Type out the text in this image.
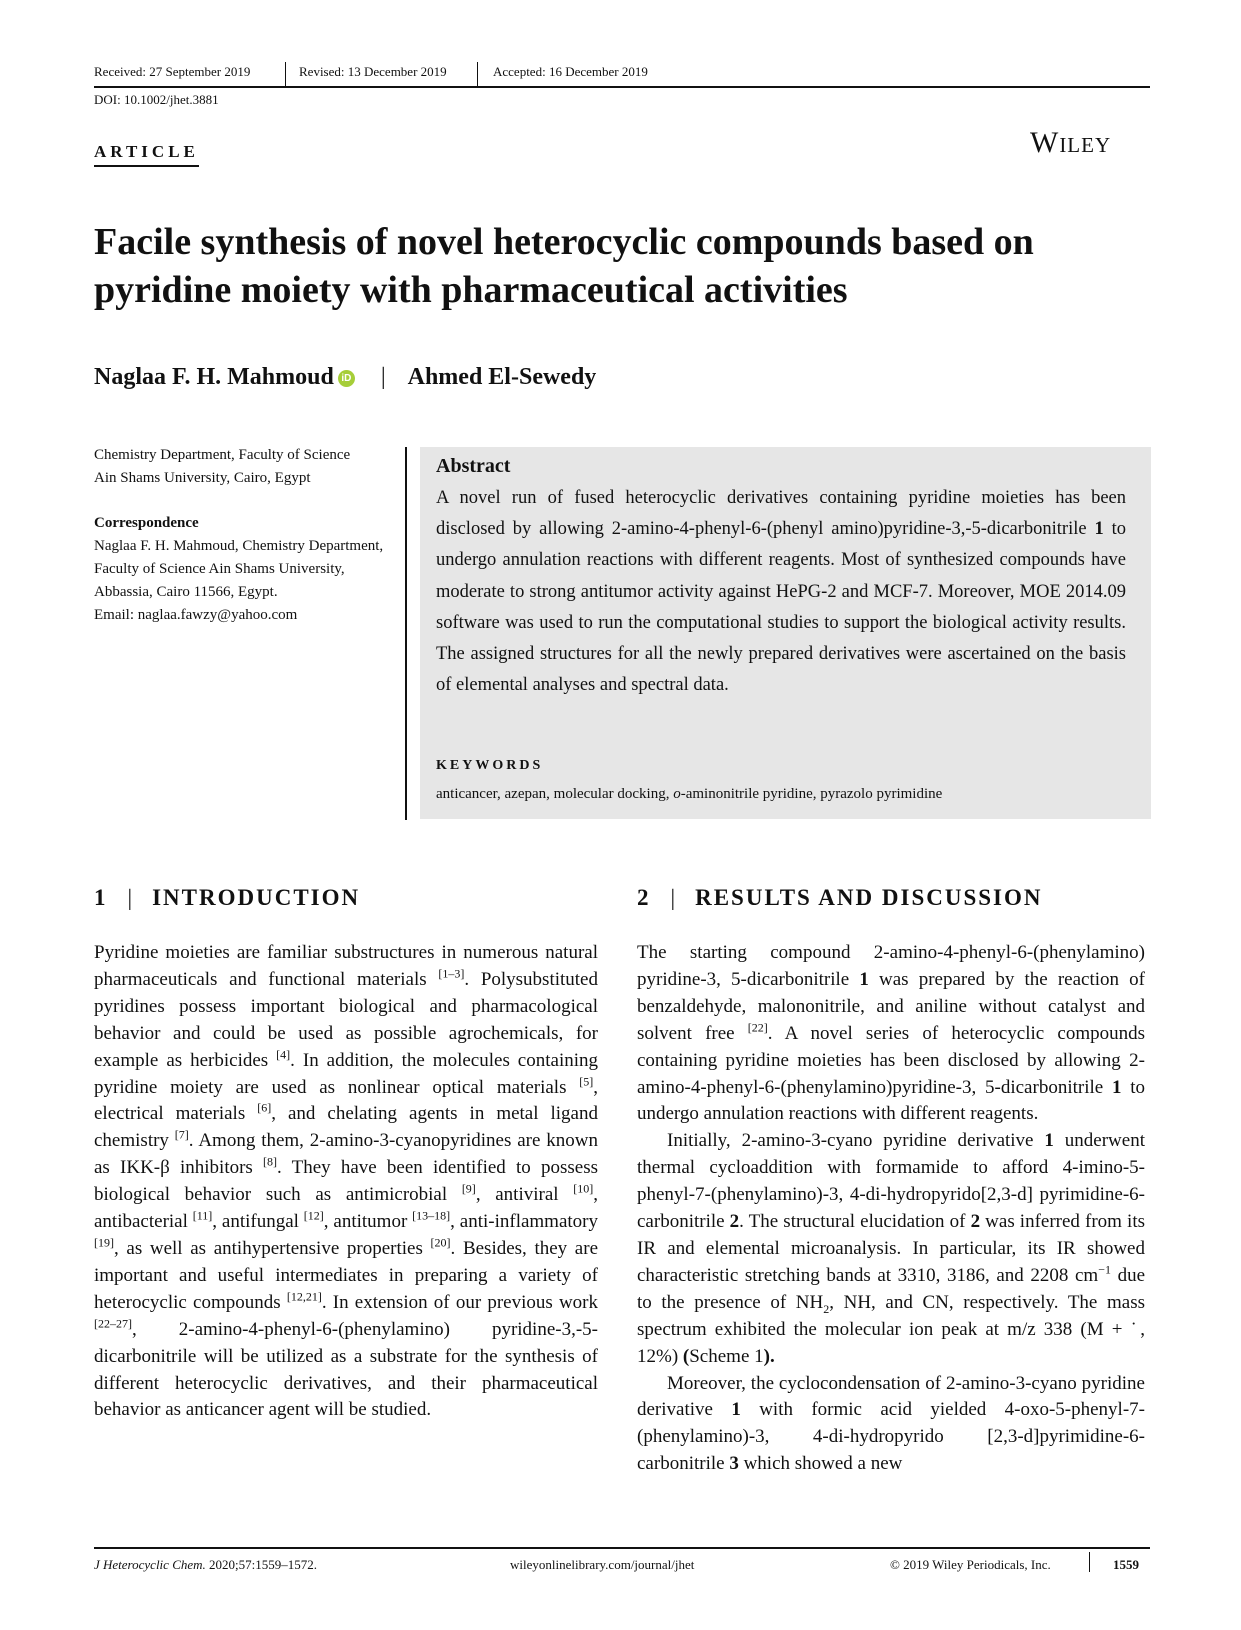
Received: 27 September 2019	Revised: 13 December 2019	Accepted: 16 December 2019
DOI: 10.1002/jhet.3881
ARTICLE	Wiley
Facile synthesis of novel heterocyclic compounds based on pyridine moiety with pharmaceutical activities
Naglaa F. H. Mahmoud iD | Ahmed El-Sewedy

Chemistry Department, Faculty of Science

Ain Shams University, Cairo, Egypt

Correspondence

Naglaa F. H. Mahmoud, Chemistry Department, Faculty of Science Ain Shams University, Abbassia, Cairo 11566, Egypt.

Email: naglaa.fawzy@yahoo.com

Abstract

A novel run of fused heterocyclic derivatives containing pyridine moieties has been disclosed by allowing 2-amino-4-phenyl-6-(phenyl amino)pyridine-3,-5-dicarbonitrile 1 to undergo annulation reactions with different reagents. Most of synthesized compounds have moderate to strong antitumor activity against HePG-2 and MCF-7. Moreover, MOE 2014.09 software was used to run the computational studies to support the biological activity results. The assigned structures for all the newly prepared derivatives were ascertained on the basis of elemental analyses and spectral data.

KEYWORDS
anticancer, azepan, molecular docking, o-aminonitrile pyridine, pyrazolo pyrimidine
1 | INTRODUCTION	2 | RESULTS AND DISCUSSION

Pyridine moieties are familiar substructures in numerous natural pharmaceuticals and functional materials [1–3]. Polysubstituted pyridines possess important biological and pharmacological behavior and could be used as possible agrochemicals, for example as herbicides [4]. In addition, the molecules containing pyridine moiety are used as nonlinear optical materials [5], electrical materials [6], and chelating agents in metal ligand chemistry [7]. Among them, 2-amino-3-cyanopyridines are known as IKK-β inhibitors [8]. They have been identified to possess biological behavior such as antimicrobial [9], antiviral [10], antibacterial [11], antifungal [12], antitumor [13–18], anti-inflammatory [19], as well as antihypertensive properties [20]. Besides, they are important and useful intermediates in preparing a variety of heterocyclic compounds [12,21]. In extension of our previous work [22–27], 2-amino-4-phenyl-6-(phenylamino) pyridine-3,-5-dicarbonitrile will be utilized as a substrate for the synthesis of different heterocyclic derivatives, and their pharmaceutical behavior as anticancer agent will be studied.

The starting compound 2-amino-4-phenyl-6-(phenylamino) pyridine-3, 5-dicarbonitrile 1 was prepared by the reaction of benzaldehyde, malononitrile, and aniline without catalyst and solvent free [22]. A novel series of heterocyclic compounds containing pyridine moieties has been disclosed by allowing 2-amino-4-phenyl-6-(phenylamino)pyridine-3, 5-dicarbonitrile 1 to undergo annulation reactions with different reagents.

Initially, 2-amino-3-cyano pyridine derivative 1 underwent thermal cycloaddition with formamide to afford 4-imino-5-phenyl-7-(phenylamino)-3, 4-di-hydropyrido[2,3-d] pyrimidine-6-carbonitrile 2. The structural elucidation of 2 was inferred from its IR and elemental microanalysis. In particular, its IR showed characteristic stretching bands at 3310, 3186, and 2208 $cm^{-1}$ due to the presence of $NH_2$, NH, and CN, respectively. The mass spectrum exhibited the molecular ion peak at m/z 338 (M + ˙, 12%) (Scheme 1).

Moreover, the cyclocondensation of 2-amino-3-cyano pyridine derivative 1 with formic acid yielded 4-oxo-5-phenyl-7-(phenylamino)-3, 4-di-hydropyrido [2,3-d]pyrimidine-6-carbonitrile 3 which showed a new

J Heterocyclic Chem. 2020;57:1559–1572.	wileyonlinelibrary.com/journal/jhet	© 2019 Wiley Periodicals, Inc.	1559
